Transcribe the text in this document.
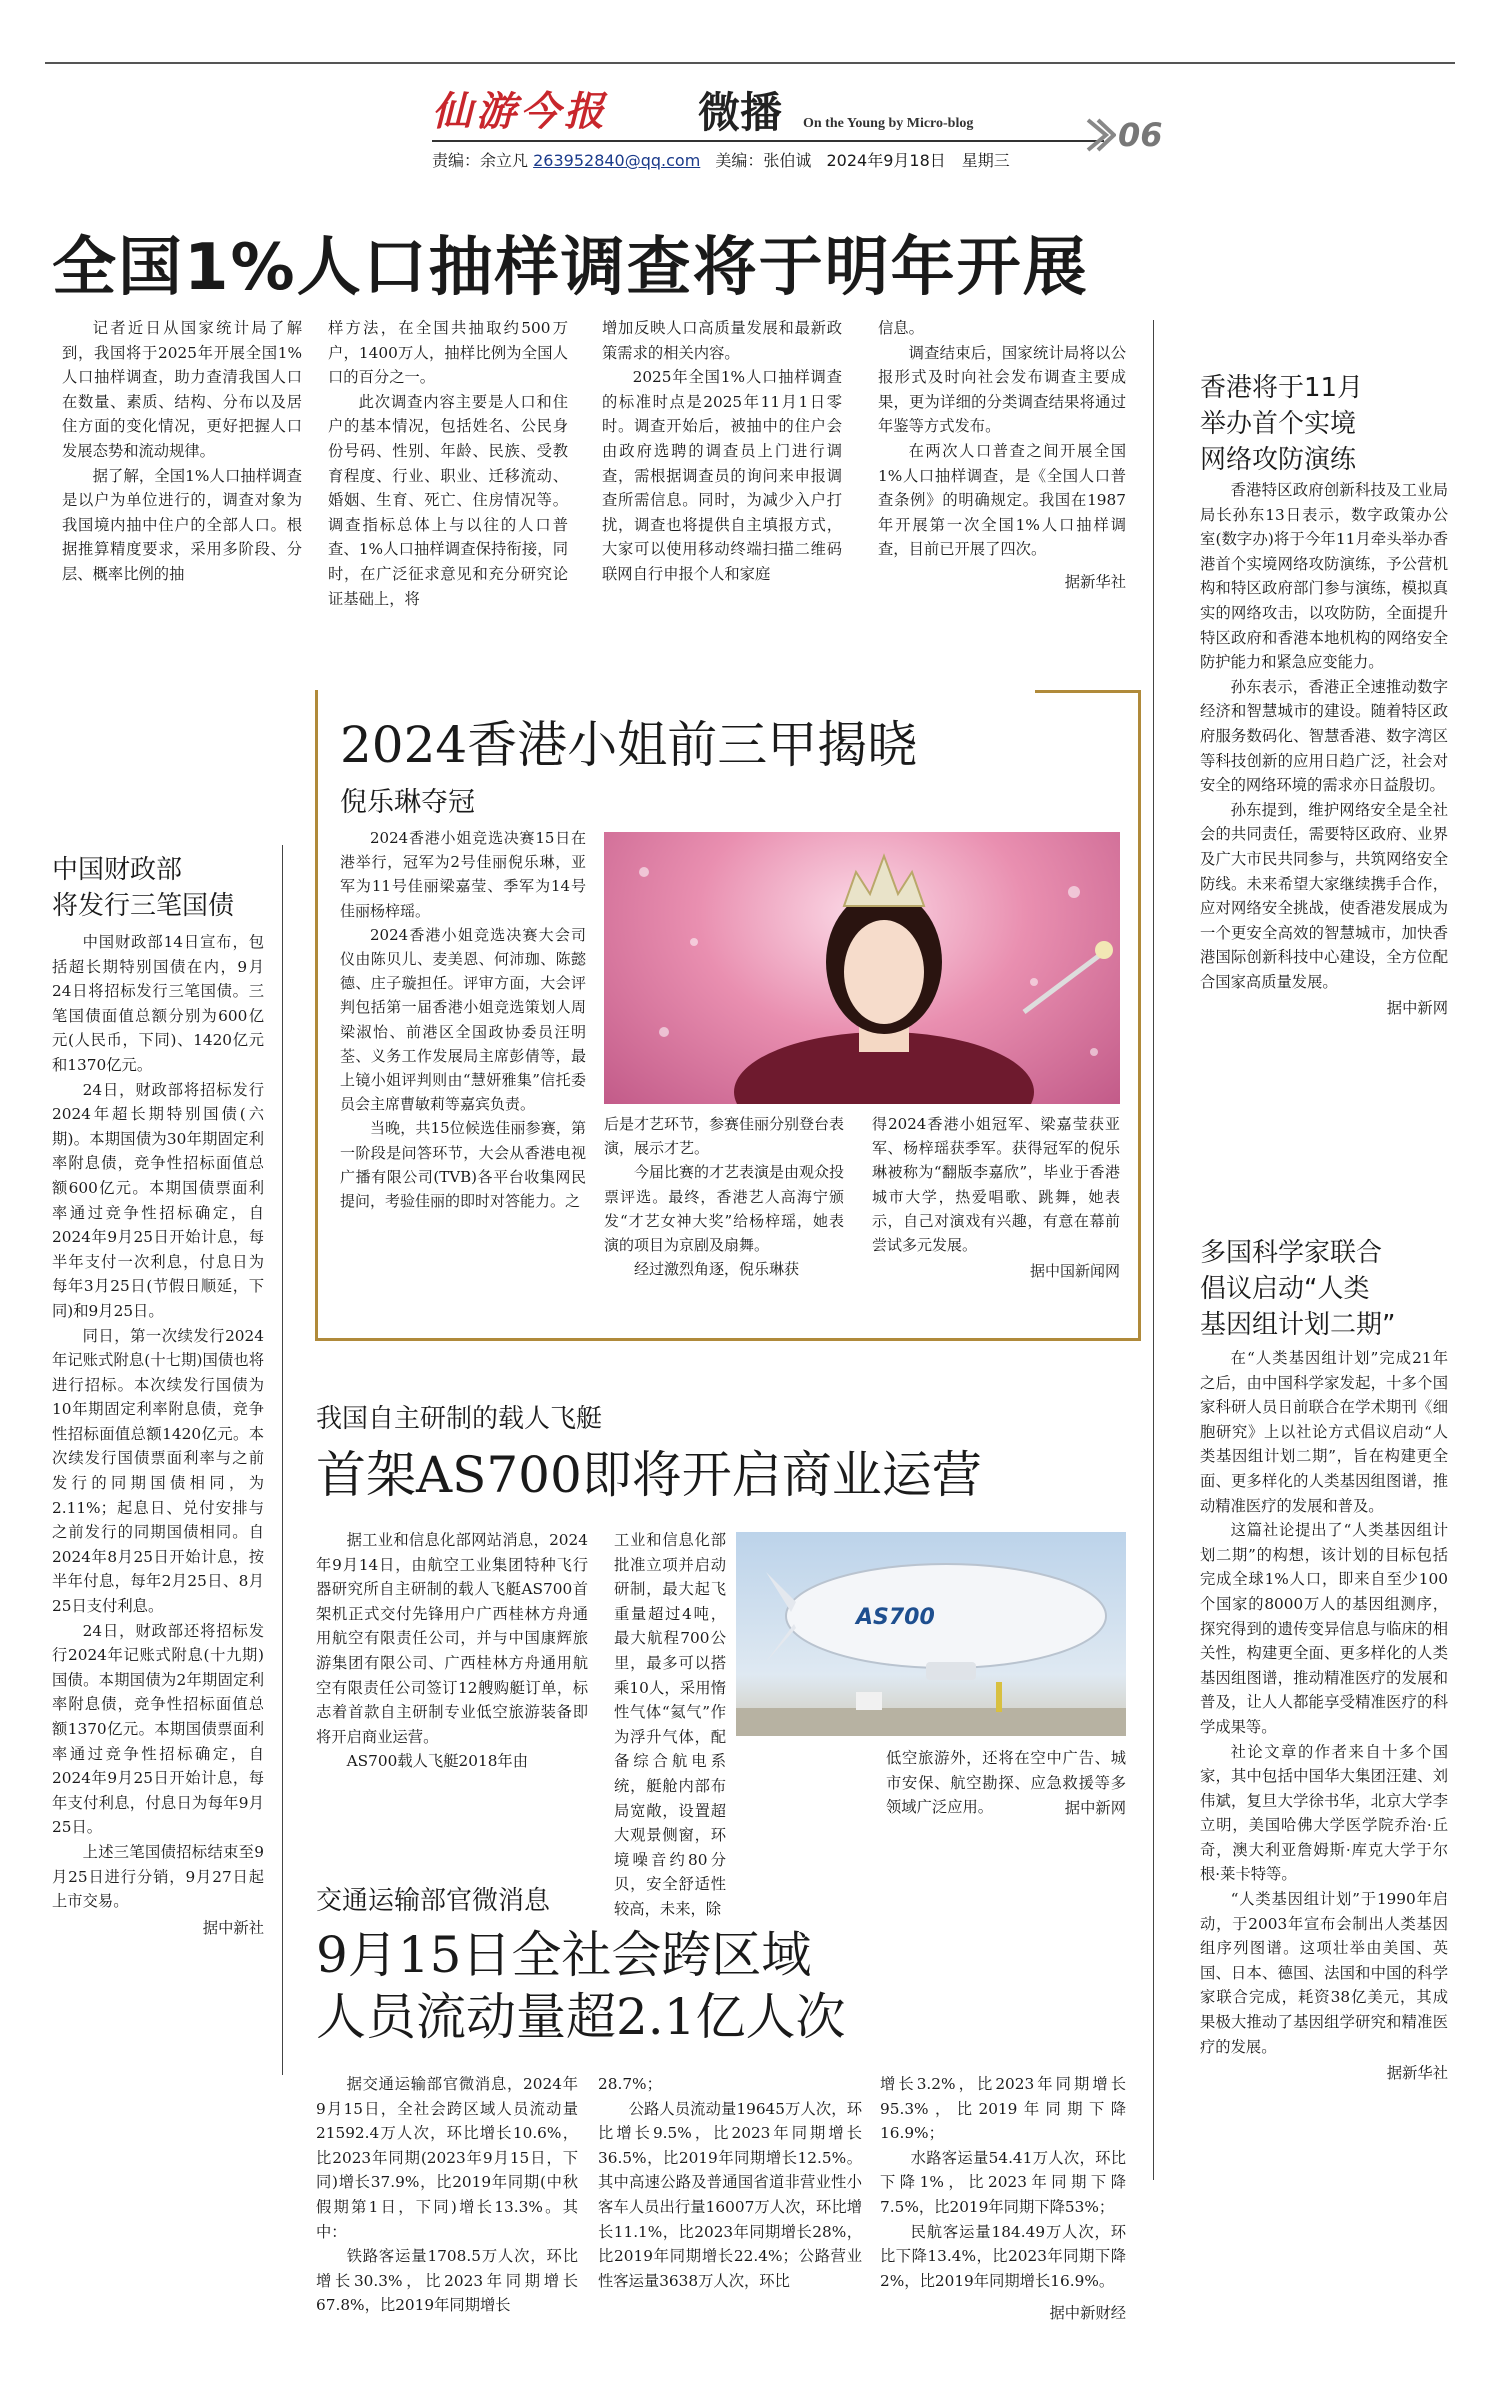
仙游今报 微播 On the Young by Micro-blog	06
责编：余立凡 263952840@qq.com 美编：张伯诚 2024年9月18日　星期三
全国1%人口抽样调查将于明年开展

记者近日从国家统计局了解到，我国将于2025年开展全国1%人口抽样调查，助力查清我国人口在数量、素质、结构、分布以及居住方面的变化情况，更好把握人口发展态势和流动规律。

据了解，全国1%人口抽样调查是以户为单位进行的，调查对象为我国境内抽中住户的全部人口。根据推算精度要求，采用多阶段、分层、概率比例的抽

样方法，在全国共抽取约500万户，1400万人，抽样比例为全国人口的百分之一。

此次调查内容主要是人口和住户的基本情况，包括姓名、公民身份号码、性别、年龄、民族、受教育程度、行业、职业、迁移流动、婚姻、生育、死亡、住房情况等。调查指标总体上与以往的人口普查、1%人口抽样调查保持衔接，同时，在广泛征求意见和充分研究论证基础上，将

增加反映人口高质量发展和最新政策需求的相关内容。

2025年全国1%人口抽样调查的标准时点是2025年11月1日零时。调查开始后，被抽中的住户会由政府选聘的调查员上门进行调查，需根据调查员的询问来申报调查所需信息。同时，为减少入户打扰，调查也将提供自主填报方式，大家可以使用移动终端扫描二维码联网自行申报个人和家庭

信息。

调查结束后，国家统计局将以公报形式及时向社会发布调查主要成果，更为详细的分类调查结果将通过年鉴等方式发布。

在两次人口普查之间开展全国1%人口抽样调查，是《全国人口普查条例》的明确规定。我国在1987年开展第一次全国1%人口抽样调查，目前已开展了四次。

据新华社
香港将于11月
举办首个实境
网络攻防演练

香港特区政府创新科技及工业局局长孙东13日表示，数字政策办公室(数字办)将于今年11月牵头举办香港首个实境网络攻防演练，予公营机构和特区政府部门参与演练，模拟真实的网络攻击，以攻防防，全面提升特区政府和香港本地机构的网络安全防护能力和紧急应变能力。

孙东表示，香港正全速推动数字经济和智慧城市的建设。随着特区政府服务数码化、智慧香港、数字湾区等科技创新的应用日趋广泛，社会对安全的网络环境的需求亦日益殷切。

孙东提到，维护网络安全是全社会的共同责任，需要特区政府、业界及广大市民共同参与，共筑网络安全防线。未来希望大家继续携手合作，应对网络安全挑战，使香港发展成为一个更安全高效的智慧城市，加快香港国际创新科技中心建设，全方位配合国家高质量发展。

据中新网
多国科学家联合
倡议启动“人类
基因组计划二期”

在“人类基因组计划”完成21年之后，由中国科学家发起，十多个国家科研人员日前联合在学术期刊《细胞研究》上以社论方式倡议启动“人类基因组计划二期”，旨在构建更全面、更多样化的人类基因组图谱，推动精准医疗的发展和普及。

这篇社论提出了“人类基因组计划二期”的构想，该计划的目标包括完成全球1%人口，即来自至少100个国家的8000万人的基因组测序，探究得到的遗传变异信息与临床的相关性，构建更全面、更多样化的人类基因组图谱，推动精准医疗的发展和普及，让人人都能享受精准医疗的科学成果等。

社论文章的作者来自十多个国家，其中包括中国华大集团汪建、刘伟斌，复旦大学徐书华，北京大学李立明，美国哈佛大学医学院乔治·丘奇，澳大利亚詹姆斯·库克大学于尔根·莱卡特等。

“人类基因组计划”于1990年启动，于2003年宣布会制出人类基因组序列图谱。这项壮举由美国、英国、日本、德国、法国和中国的科学家联合完成，耗资38亿美元，其成果极大推动了基因组学研究和精准医疗的发展。

据新华社
中国财政部
将发行三笔国债

中国财政部14日宣布，包括超长期特别国债在内，9月24日将招标发行三笔国债。三笔国债面值总额分别为600亿元(人民币，下同)、1420亿元和1370亿元。

24日，财政部将招标发行2024年超长期特别国债(六期)。本期国债为30年期固定利率附息债，竞争性招标面值总额600亿元。本期国债票面利率通过竞争性招标确定，自2024年9月25日开始计息，每半年支付一次利息，付息日为每年3月25日(节假日顺延，下同)和9月25日。

同日，第一次续发行2024年记账式附息(十七期)国债也将进行招标。本次续发行国债为10年期固定利率附息债，竞争性招标面值总额1420亿元。本次续发行国债票面利率与之前发行的同期国债相同，为2.11%；起息日、兑付安排与之前发行的同期国债相同。自2024年8月25日开始计息，按半年付息，每年2月25日、8月25日支付利息。

24日，财政部还将招标发行2024年记账式附息(十九期)国债。本期国债为2年期固定利率附息债，竞争性招标面值总额1370亿元。本期国债票面利率通过竞争性招标确定，自2024年9月25日开始计息，每年支付利息，付息日为每年9月25日。

上述三笔国债招标结束至9月25日进行分销，9月27日起上市交易。

据中新社
2024香港小姐前三甲揭晓
倪乐琳夺冠

2024香港小姐竞选决赛15日在港举行，冠军为2号佳丽倪乐琳，亚军为11号佳丽梁嘉莹、季军为14号佳丽杨梓瑶。

2024香港小姐竞选决赛大会司仪由陈贝儿、麦美恩、何沛珈、陈懿德、庄子璇担任。评审方面，大会评判包括第一届香港小姐竞选策划人周梁淑怡、前港区全国政协委员汪明荃、义务工作发展局主席彭倩等，最上镜小姐评判则由“慧妍雅集”信托委员会主席曹敏莉等嘉宾负责。

当晚，共15位候选佳丽参赛，第一阶段是问答环节，大会从香港电视广播有限公司(TVB)各平台收集网民提问，考验佳丽的即时对答能力。之

后是才艺环节，参赛佳丽分别登台表演，展示才艺。

今届比赛的才艺表演是由观众投票评选。最终，香港艺人高海宁颁发“才艺女神大奖”给杨梓瑶，她表演的项目为京剧及扇舞。

经过激烈角逐，倪乐琳获

得2024香港小姐冠军、梁嘉莹获亚军、杨梓瑶获季军。获得冠军的倪乐琳被称为“翻版李嘉欣”，毕业于香港城市大学，热爱唱歌、跳舞，她表示，自己对演戏有兴趣，有意在幕前尝试多元发展。

据中国新闻网
我国自主研制的载人飞艇
首架AS700即将开启商业运营

据工业和信息化部网站消息，2024年9月14日，由航空工业集团特种飞行器研究所自主研制的载人飞艇AS700首架机正式交付先锋用户广西桂林方舟通用航空有限责任公司，并与中国康辉旅游集团有限公司、广西桂林方舟通用航空有限责任公司签订12艘购艇订单，标志着首款自主研制专业低空旅游装备即将开启商业运营。

AS700载人飞艇2018年由

工业和信息化部批准立项并启动研制，最大起飞重量超过4吨，最大航程700公里，最多可以搭乘10人，采用惰性气体“氦气”作为浮升气体，配备综合航电系统，艇舱内部布局宽敞，设置超大观景侧窗，环境噪音约80分贝，安全舒适性较高，未来，除

AS700

低空旅游外，还将在空中广告、城市安保、航空勘探、应急救援等多领域广泛应用。	据中新网
交通运输部官微消息
9月15日全社会跨区域
人员流动量超2.1亿人次

据交通运输部官微消息，2024年9月15日，全社会跨区域人员流动量21592.4万人次，环比增长10.6%，比2023年同期(2023年9月15日，下同)增长37.9%，比2019年同期(中秋假期第1日，下同)增长13.3%。其中：

铁路客运量1708.5万人次，环比增长30.3%，比2023年同期增长67.8%，比2019年同期增长

28.7%；

公路人员流动量19645万人次，环比增长9.5%，比2023年同期增长36.5%，比2019年同期增长12.5%。其中高速公路及普通国省道非营业性小客车人员出行量16007万人次，环比增长11.1%，比2023年同期增长28%，比2019年同期增长22.4%；公路营业性客运量3638万人次，环比

增长3.2%，比2023年同期增长95.3%，比2019年同期下降16.9%；

水路客运量54.41万人次，环比下降1%，比2023年同期下降7.5%，比2019年同期下降53%；

民航客运量184.49万人次，环比下降13.4%，比2023年同期下降2%，比2019年同期增长16.9%。

据中新财经
